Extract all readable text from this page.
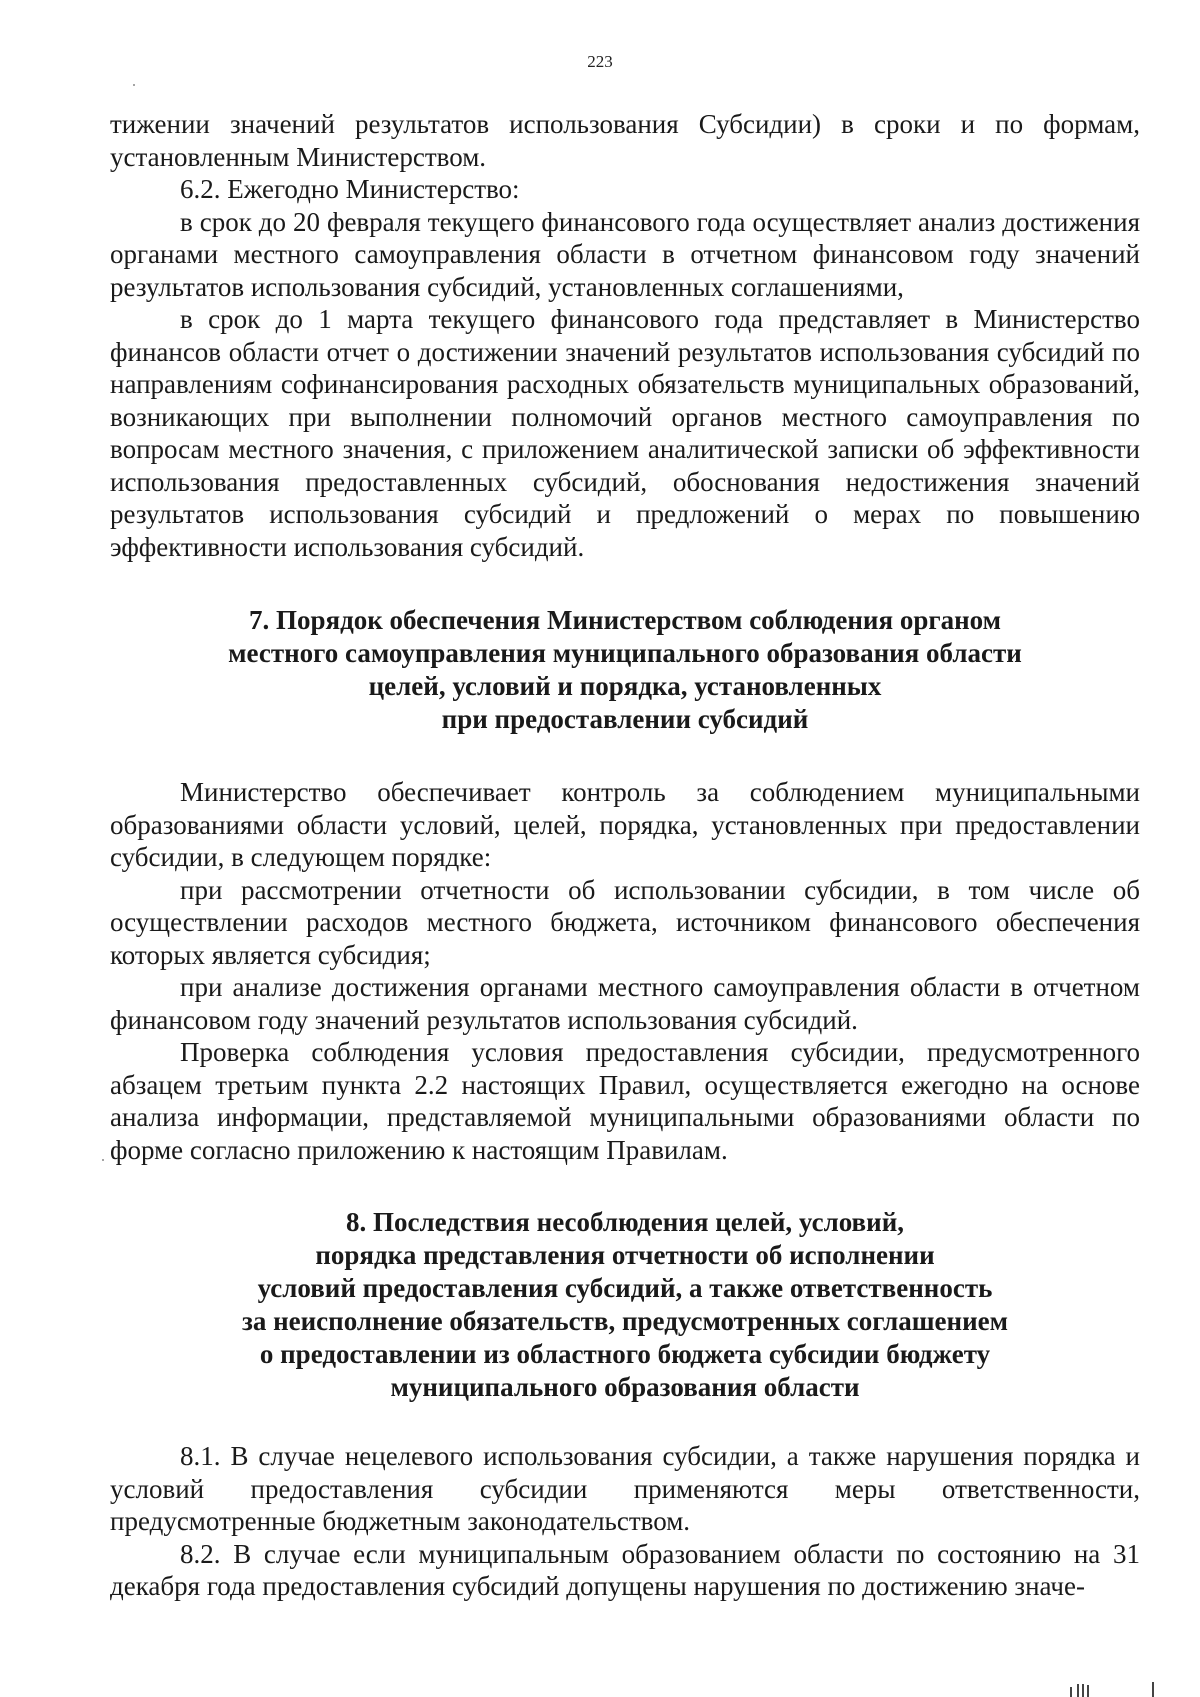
223

тижении значений результатов использования Субсидии) в сроки и по формам, установленным Министерством.

6.2. Ежегодно Министерство:

в срок до 20 февраля текущего финансового года осуществляет анализ достижения органами местного самоуправления области в отчетном финансовом году значений результатов использования субсидий, установленных соглашениями,

в срок до 1 марта текущего финансового года представляет в Министерство финансов области отчет о достижении значений результатов использования субсидий по направлениям софинансирования расходных обязательств муниципальных образований, возникающих при выполнении полномочий органов местного самоуправления по вопросам местного значения, с приложением аналитической записки об эффективности использования предоставленных субсидий, обоснования недостижения значений результатов использования субсидий и предложений о мерах по повышению эффективности использования субсидий.

7. Порядок обеспечения Министерством соблюдения органом
местного самоуправления муниципального образования области
целей, условий и порядка, установленных
при предоставлении субсидий

Министерство обеспечивает контроль за соблюдением муниципальными образованиями области условий, целей, порядка, установленных при предоставлении субсидии, в следующем порядке:

при рассмотрении отчетности об использовании субсидии, в том числе об осуществлении расходов местного бюджета, источником финансового обеспечения которых является субсидия;

при анализе достижения органами местного самоуправления области в отчетном финансовом году значений результатов использования субсидий.

Проверка соблюдения условия предоставления субсидии, предусмотренного абзацем третьим пункта 2.2 настоящих Правил, осуществляется ежегодно на основе анализа информации, представляемой муниципальными образованиями области по форме согласно приложению к настоящим Правилам.

8. Последствия несоблюдения целей, условий,
порядка представления отчетности об исполнении
условий предоставления субсидий, а также ответственность
за неисполнение обязательств, предусмотренных соглашением
о предоставлении из областного бюджета субсидии бюджету
муниципального образования области

8.1. В случае нецелевого использования субсидии, а также нарушения порядка и условий предоставления субсидии применяются меры ответственности, предусмотренные бюджетным законодательством.

8.2. В случае если муниципальным образованием области по состоянию на 31 декабря года предоставления субсидий допущены нарушения по достижению значе-
